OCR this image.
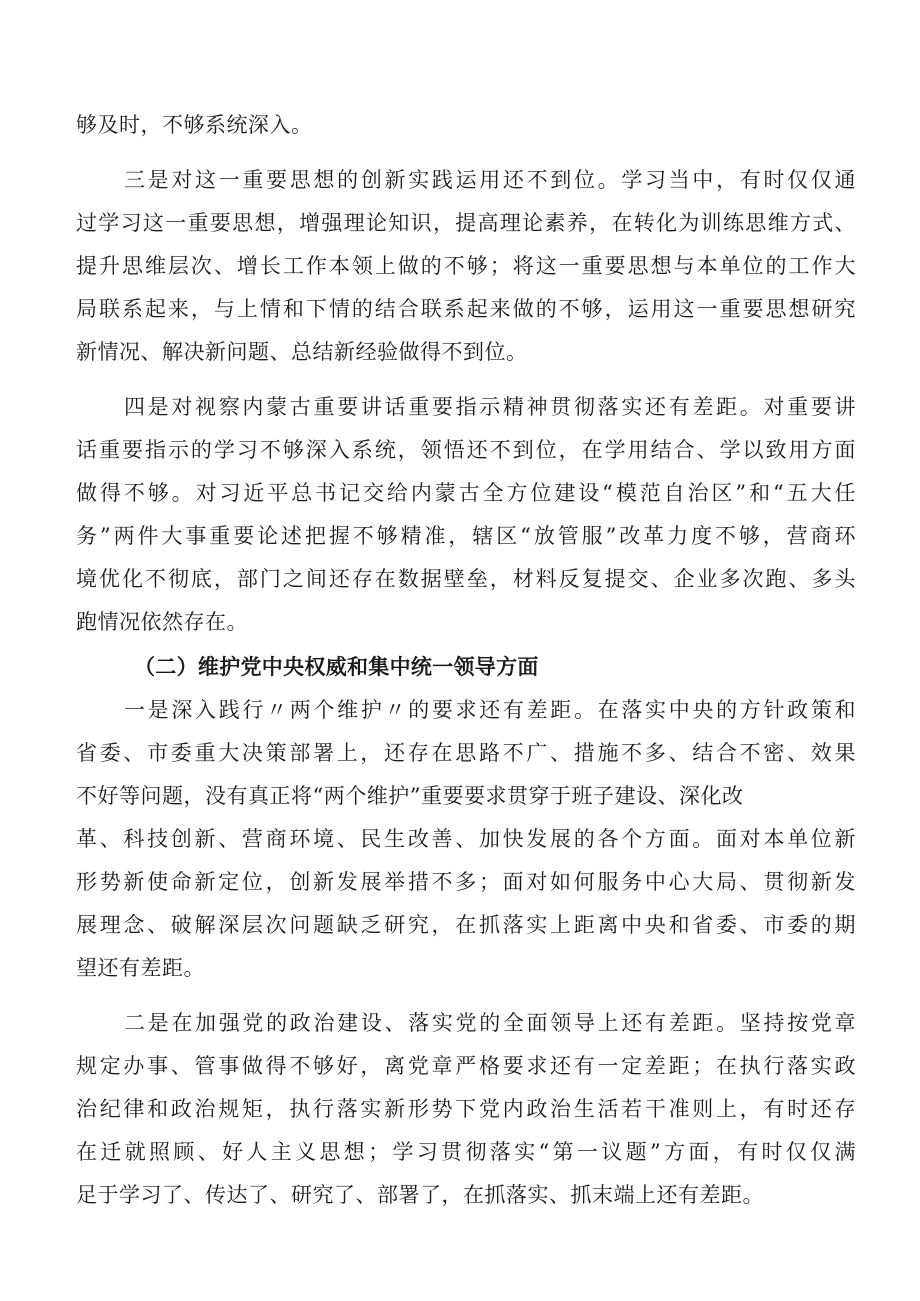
够及时，不够系统深入。
三是对这一重要思想的创新实践运用还不到位。学习当中，有时仅仅通
过学习这一重要思想，增强理论知识，提高理论素养，在转化为训练思维方式、
提升思维层次、增长工作本领上做的不够；将这一重要思想与本单位的工作大
局联系起来，与上情和下情的结合联系起来做的不够，运用这一重要思想研究
新情况、解决新问题、总结新经验做得不到位。
四是对视察内蒙古重要讲话重要指示精神贯彻落实还有差距。对重要讲
话重要指示的学习不够深入系统，领悟还不到位，在学用结合、学以致用方面
做得不够。对习近平总书记交给内蒙古全方位建设“模范自治区”和“五大任
务”两件大事重要论述把握不够精准，辖区“放管服”改革力度不够，营商环
境优化不彻底，部门之间还存在数据壁垒，材料反复提交、企业多次跑、多头
跑情况依然存在。
（二）维护党中央权威和集中统一领导方面
一是深入践行〃两个维护〃的要求还有差距。在落实中央的方针政策和
省委、市委重大决策部署上，还存在思路不广、措施不多、结合不密、效果
不好等问题，没有真正将“两个维护”重要要求贯穿于班子建设、深化改
革、科技创新、营商环境、民生改善、加快发展的各个方面。面对本单位新
形势新使命新定位，创新发展举措不多；面对如何服务中心大局、贯彻新发
展理念、破解深层次问题缺乏研究，在抓落实上距离中央和省委、市委的期
望还有差距。
二是在加强党的政治建设、落实党的全面领导上还有差距。坚持按党章
规定办事、管事做得不够好，离党章严格要求还有一定差距；在执行落实政
治纪律和政治规矩，执行落实新形势下党内政治生活若干准则上，有时还存
在迁就照顾、好人主义思想；学习贯彻落实“第一议题”方面，有时仅仅满
足于学习了、传达了、研究了、部署了，在抓落实、抓末端上还有差距。
